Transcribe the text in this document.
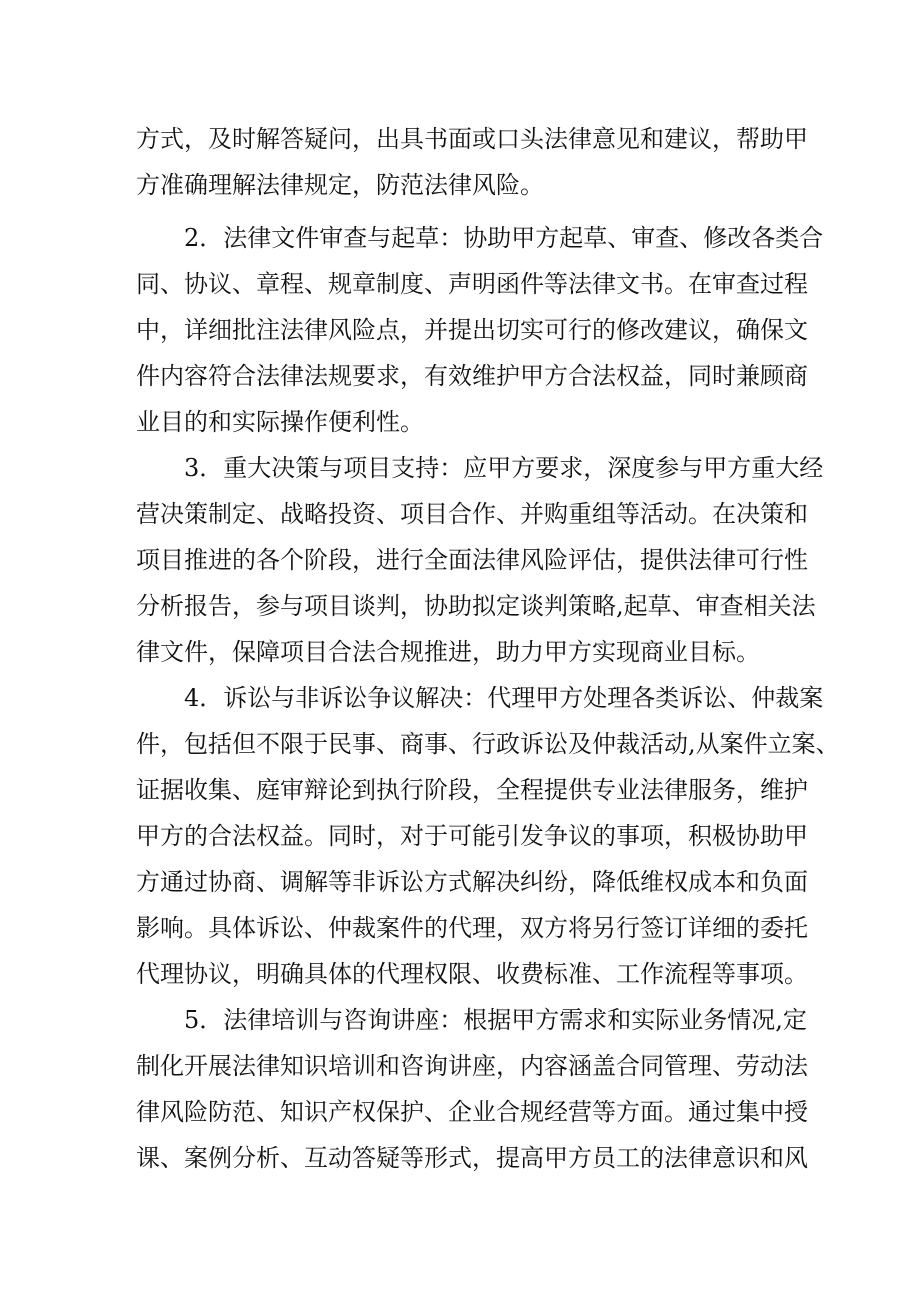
方式，及时解答疑问，出具书面或口头法律意见和建议，帮助甲
方准确理解法律规定，防范法律风险。
2．法律文件审查与起草：协助甲方起草、审查、修改各类合
同、协议、章程、规章制度、声明函件等法律文书。在审查过程
中，详细批注法律风险点，并提出切实可行的修改建议，确保文
件内容符合法律法规要求，有效维护甲方合法权益，同时兼顾商
业目的和实际操作便利性。
3．重大决策与项目支持：应甲方要求，深度参与甲方重大经
营决策制定、战略投资、项目合作、并购重组等活动。在决策和
项目推进的各个阶段，进行全面法律风险评估，提供法律可行性
分析报告，参与项目谈判，协助拟定谈判策略,起草、审查相关法
律文件，保障项目合法合规推进，助力甲方实现商业目标。
4．诉讼与非诉讼争议解决：代理甲方处理各类诉讼、仲裁案
件，包括但不限于民事、商事、行政诉讼及仲裁活动,从案件立案、
证据收集、庭审辩论到执行阶段，全程提供专业法律服务，维护
甲方的合法权益。同时，对于可能引发争议的事项，积极协助甲
方通过协商、调解等非诉讼方式解决纠纷，降低维权成本和负面
影响。具体诉讼、仲裁案件的代理，双方将另行签订详细的委托
代理协议，明确具体的代理权限、收费标准、工作流程等事项。
5．法律培训与咨询讲座：根据甲方需求和实际业务情况,定
制化开展法律知识培训和咨询讲座，内容涵盖合同管理、劳动法
律风险防范、知识产权保护、企业合规经营等方面。通过集中授
课、案例分析、互动答疑等形式，提高甲方员工的法律意识和风
